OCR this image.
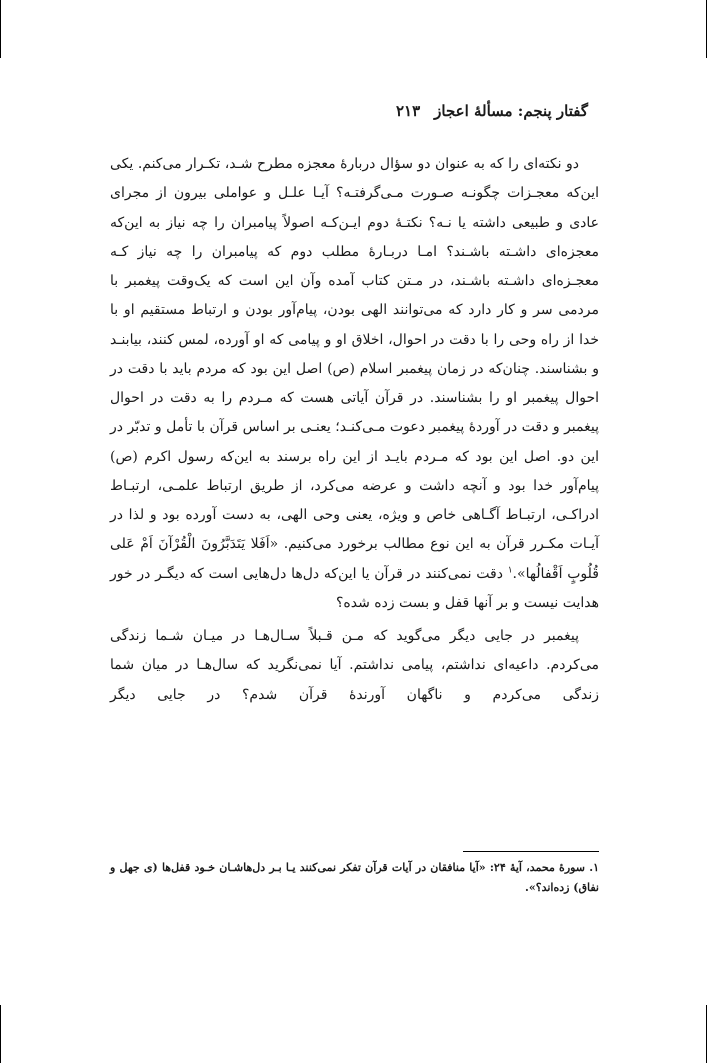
گفتار پنجم: مسألهٔ اعجاز۲۱۳

دو نکته‌ای را که به عنوان دو سؤال دربارهٔ معجزه مطرح شـد، تکـرار می‌کنم. یکی این‌که معجـزات چگونـه صـورت مـی‌گرفتـه؟ آیـا علـل و عواملی بیرون از مجرای عادی و طبیعی داشته یا نـه؟ نکتـهٔ دوم ایـن‌کـه اصولاً پیامبران را چه نیاز به این‌که معجزه‌ای داشـته باشـند؟ امـا دربـارهٔ مطلب دوم که پیامبران را چه نیاز کـه معجـزه‌ای داشـته باشـند، در مـتن کتاب آمده وآن این است که یک‌وقت پیغمبر با مردمی سر و کار دارد که می‌توانند الهی بودن، پیام‌آور بودن و ارتباط مستقیم او با خدا از راه وحی را با دقت در احوال، اخلاق او و پیامی که او آورده، لمس کنند، بیابنـد و بشناسند. چنان‌که در زمان پیغمبر اسلام (ص) اصل این بود که مردم باید با دقت در احوال پیغمبر او را بشناسند. در قرآن آیاتی هست که مـردم را به دقت در احوال پیغمبر و دقت در آوردهٔ پیغمبر دعوت مـی‌کنـد؛ یعنـی بر اساس قرآن با تأمل و تدبّر در این دو. اصل این بود که مـردم بایـد از این راه برسند به این‌که رسول اکرم (ص) پیام‌آور خدا بود و آنچه داشت و عرضه می‌کرد، از طریق ارتباط علمـی، ارتبـاط ادراکـی، ارتبـاط آگـاهی خاص و ویژه، یعنی وحی الهی، به دست آورده بود و لذا در آیـات مکـرر قرآن به این نوع مطالب برخورد می‌کنیم. «اَفَلا یَتَدَبَّرُونَ الْقُرْآنَ اَمْ عَلی قُلُوبٍ اَقْفالُها».$^۱$ دقت نمی‌کنند در قرآن یا این‌که دل‌ها دل‌هایی است که دیگـر در خور هدایت نیست و بر آنها قفل و بست زده شده؟

پیغمبر در جایی دیگر می‌گوید که مـن قـبلاً سـال‌هـا در میـان شـما زندگی می‌کردم. داعیه‌ای نداشتم، پیامی نداشتم. آیا نمی‌نگرید که سال‌هـا در میان شما زندگی می‌کردم و ناگهان آورندهٔ قرآن شدم؟ در جایی دیگر

۱. سورهٔ محمد، آیهٔ ۲۴: «آیا منافقان در آیات قرآن تفکر نمی‌کنند یـا بـر دل‌هاشـان خـود قفل‌ها (ی جهل و نفاق) زده‌اند؟».
